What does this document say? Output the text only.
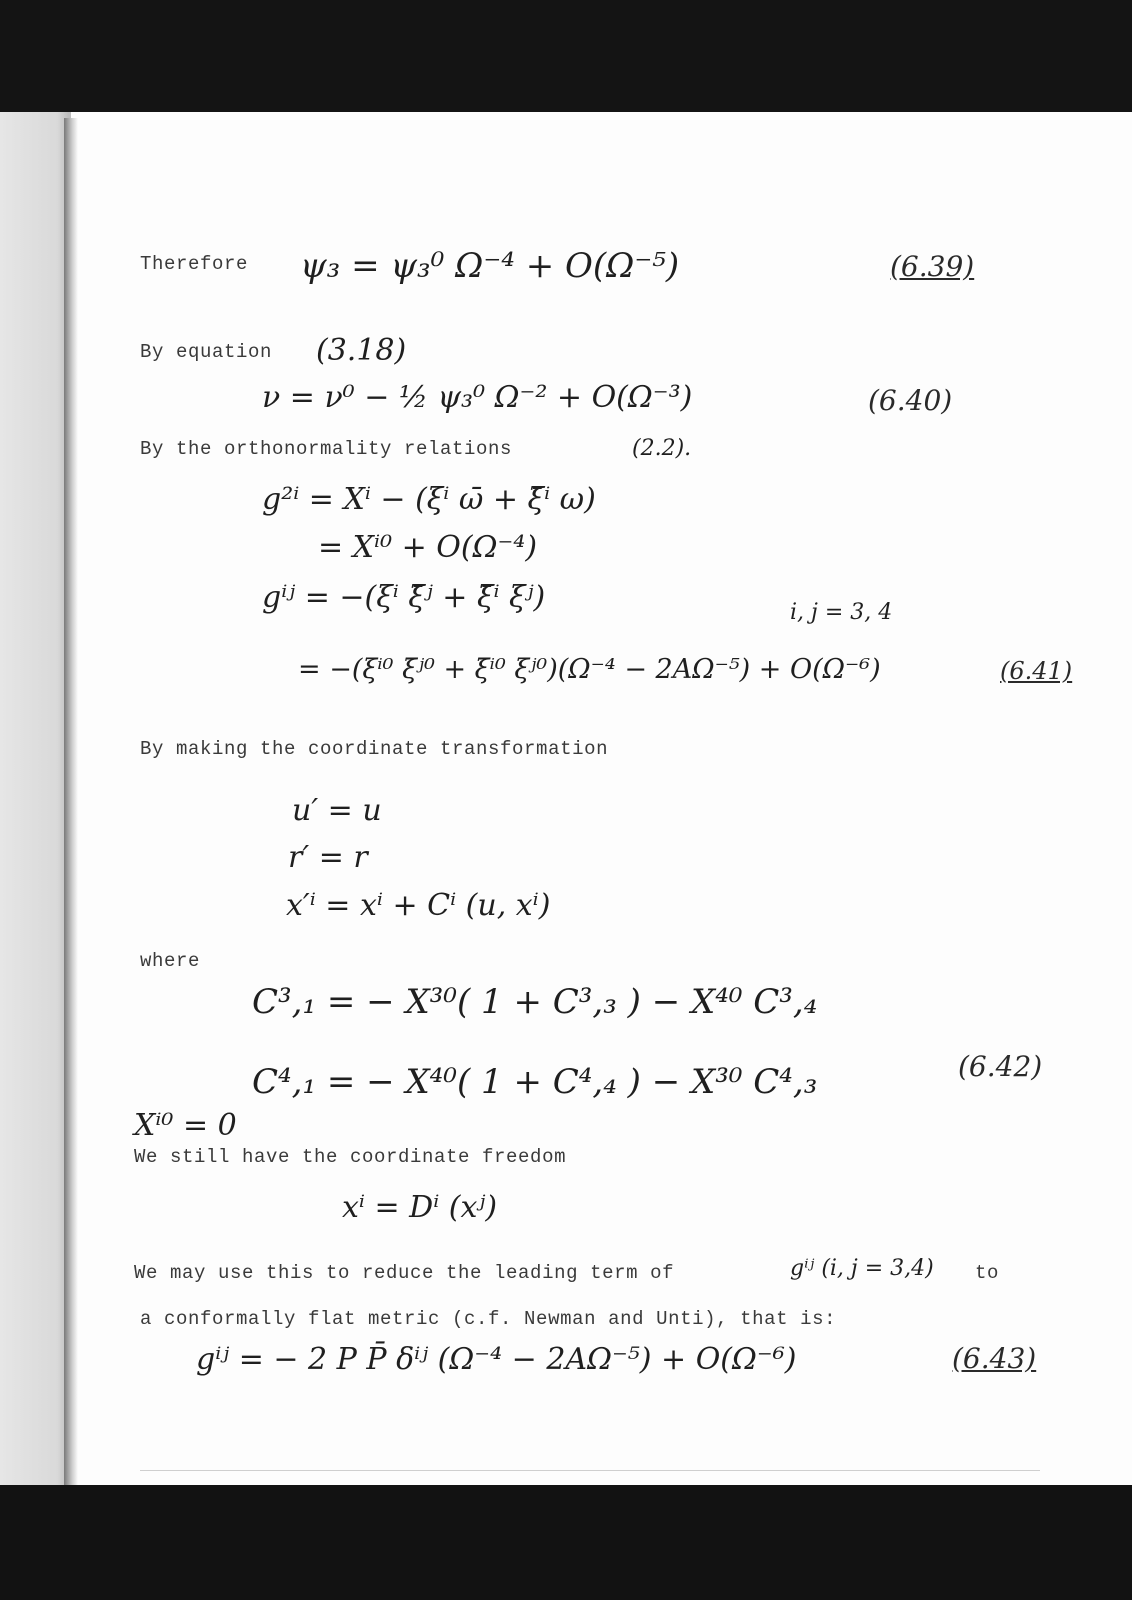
Therefore ψ₃ = ψ₃⁰ Ω⁻⁴ + O(Ω⁻⁵)	(6.39)
By equation (3.18)
ν = ν⁰ − ½ ψ₃⁰ Ω⁻² + O(Ω⁻³)	(6.40)
By the orthonormality relations	(2.2).
g²ⁱ = Xⁱ − (ξⁱ ω̄ + ξ̄ⁱ ω)
= Xⁱ⁰ + O(Ω⁻⁴)
gⁱʲ = −(ξⁱ ξ̄ʲ + ξ̄ⁱ ξʲ)	i, j = 3, 4
= −(ξⁱ⁰ ξ̄ʲ⁰ + ξ̄ⁱ⁰ ξʲ⁰)(Ω⁻⁴ − 2AΩ⁻⁵) + O(Ω⁻⁶)	(6.41)
By making the coordinate transformation
u′ = u
r′ = r
x′ⁱ = xⁱ + Cⁱ (u, xⁱ)
where
C³,₁ = − X³⁰( 1 + C³,₃ ) − X⁴⁰ C³,₄
C⁴,₁ = − X⁴⁰( 1 + C⁴,₄ ) − X³⁰ C⁴,₃	(6.42)
Xⁱ⁰ = 0
We still have the coordinate freedom
xⁱ = Dⁱ (xʲ)
We may use this to reduce the leading term of	gⁱʲ (i, j = 3,4) to
a conformally flat metric (c.f. Newman and Unti), that is:
gⁱʲ = − 2 P P̄ δⁱʲ (Ω⁻⁴ − 2AΩ⁻⁵) + O(Ω⁻⁶)	(6.43)
